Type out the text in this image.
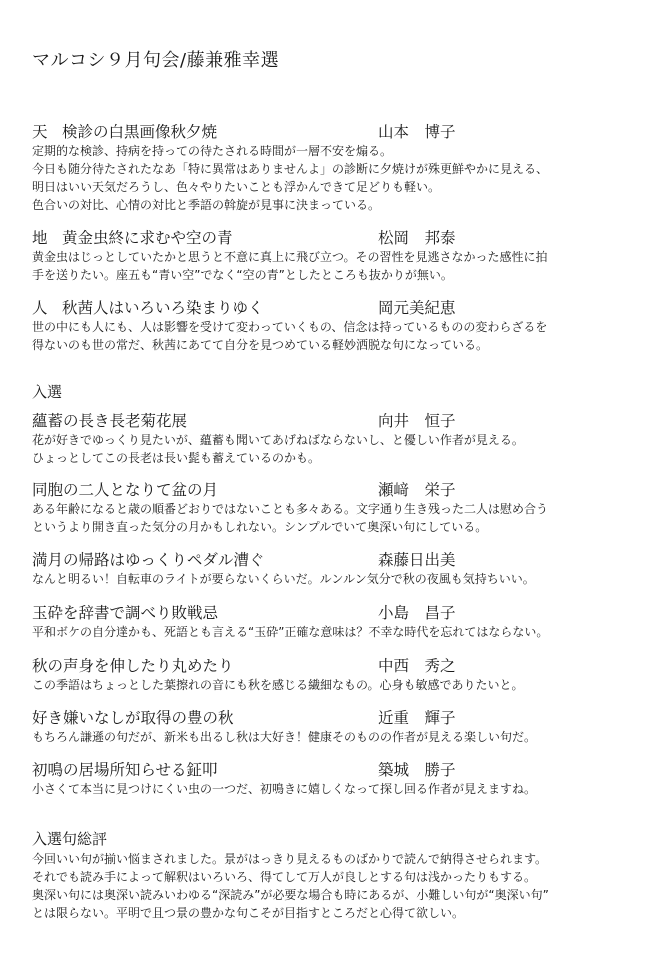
マルコシ９月句会/藤兼雅幸選
天 検診の白黒画像秋夕焼	山本　博子
定期的な検診、持病を持っての待たされる時間が一層不安を煽る。
今日も随分待たされたなあ「特に異常はありませんよ」の診断に夕焼けが殊更鮮やかに見える、
明日はいい天気だろうし、色々やりたいことも浮かんできて足どりも軽い。
色合いの対比、心情の対比と季語の斡旋が見事に決まっている。
地 黄金虫終に求むや空の青	松岡　邦泰
黄金虫はじっとしていたかと思うと不意に真上に飛び立つ。その習性を見逃さなかった感性に拍
手を送りたい。座五も“青い空”でなく“空の青”としたところも抜かりが無い。
人 秋茜人はいろいろ染まりゆく	岡元美紀恵
世の中にも人にも、人は影響を受けて変わっていくもの、信念は持っているものの変わらざるを
得ないのも世の常だ、秋茜にあてて自分を見つめている軽妙洒脱な句になっている。
入選
蘊蓄の長き長老菊花展	向井　恒子
花が好きでゆっくり見たいが、蘊蓄も聞いてあげねばならないし、と優しい作者が見える。
ひょっとしてこの長老は長い髭も蓄えているのかも。
同胞の二人となりて盆の月	瀬﨑　栄子
ある年齢になると歳の順番どおりではないことも多々ある。文字通り生き残った二人は慰め合う
というより開き直った気分の月かもしれない。シンプルでいて奥深い句にしている。
満月の帰路はゆっくりペダル漕ぐ	森藤日出美
なんと明るい！自転車のライトが要らないくらいだ。ルンルン気分で秋の夜風も気持ちいい。
玉砕を辞書で調べり敗戦忌	小島　昌子
平和ボケの自分達かも、死語とも言える“玉砕”正確な意味は？不幸な時代を忘れてはならない。
秋の声身を伸したり丸めたり	中西　秀之
この季語はちょっとした葉擦れの音にも秋を感じる繊細なもの。心身も敏感でありたいと。
好き嫌いなしが取得の豊の秋	近重　輝子
もちろん謙遜の句だが、新米も出るし秋は大好き！健康そのものの作者が見える楽しい句だ。
初鳴の居場所知らせる鉦叩	築城　勝子
小さくて本当に見つけにくい虫の一つだ、初鳴きに嬉しくなって探し回る作者が見えますね。
入選句総評
今回いい句が揃い悩まされました。景がはっきり見えるものばかりで読んで納得させられます。
それでも読み手によって解釈はいろいろ、得てして万人が良しとする句は浅かったりもする。
奥深い句には奥深い読みいわゆる“深読み”が必要な場合も時にあるが、小難しい句が“奥深い句”
とは限らない。平明で且つ景の豊かな句こそが目指すところだと心得て欲しい。
